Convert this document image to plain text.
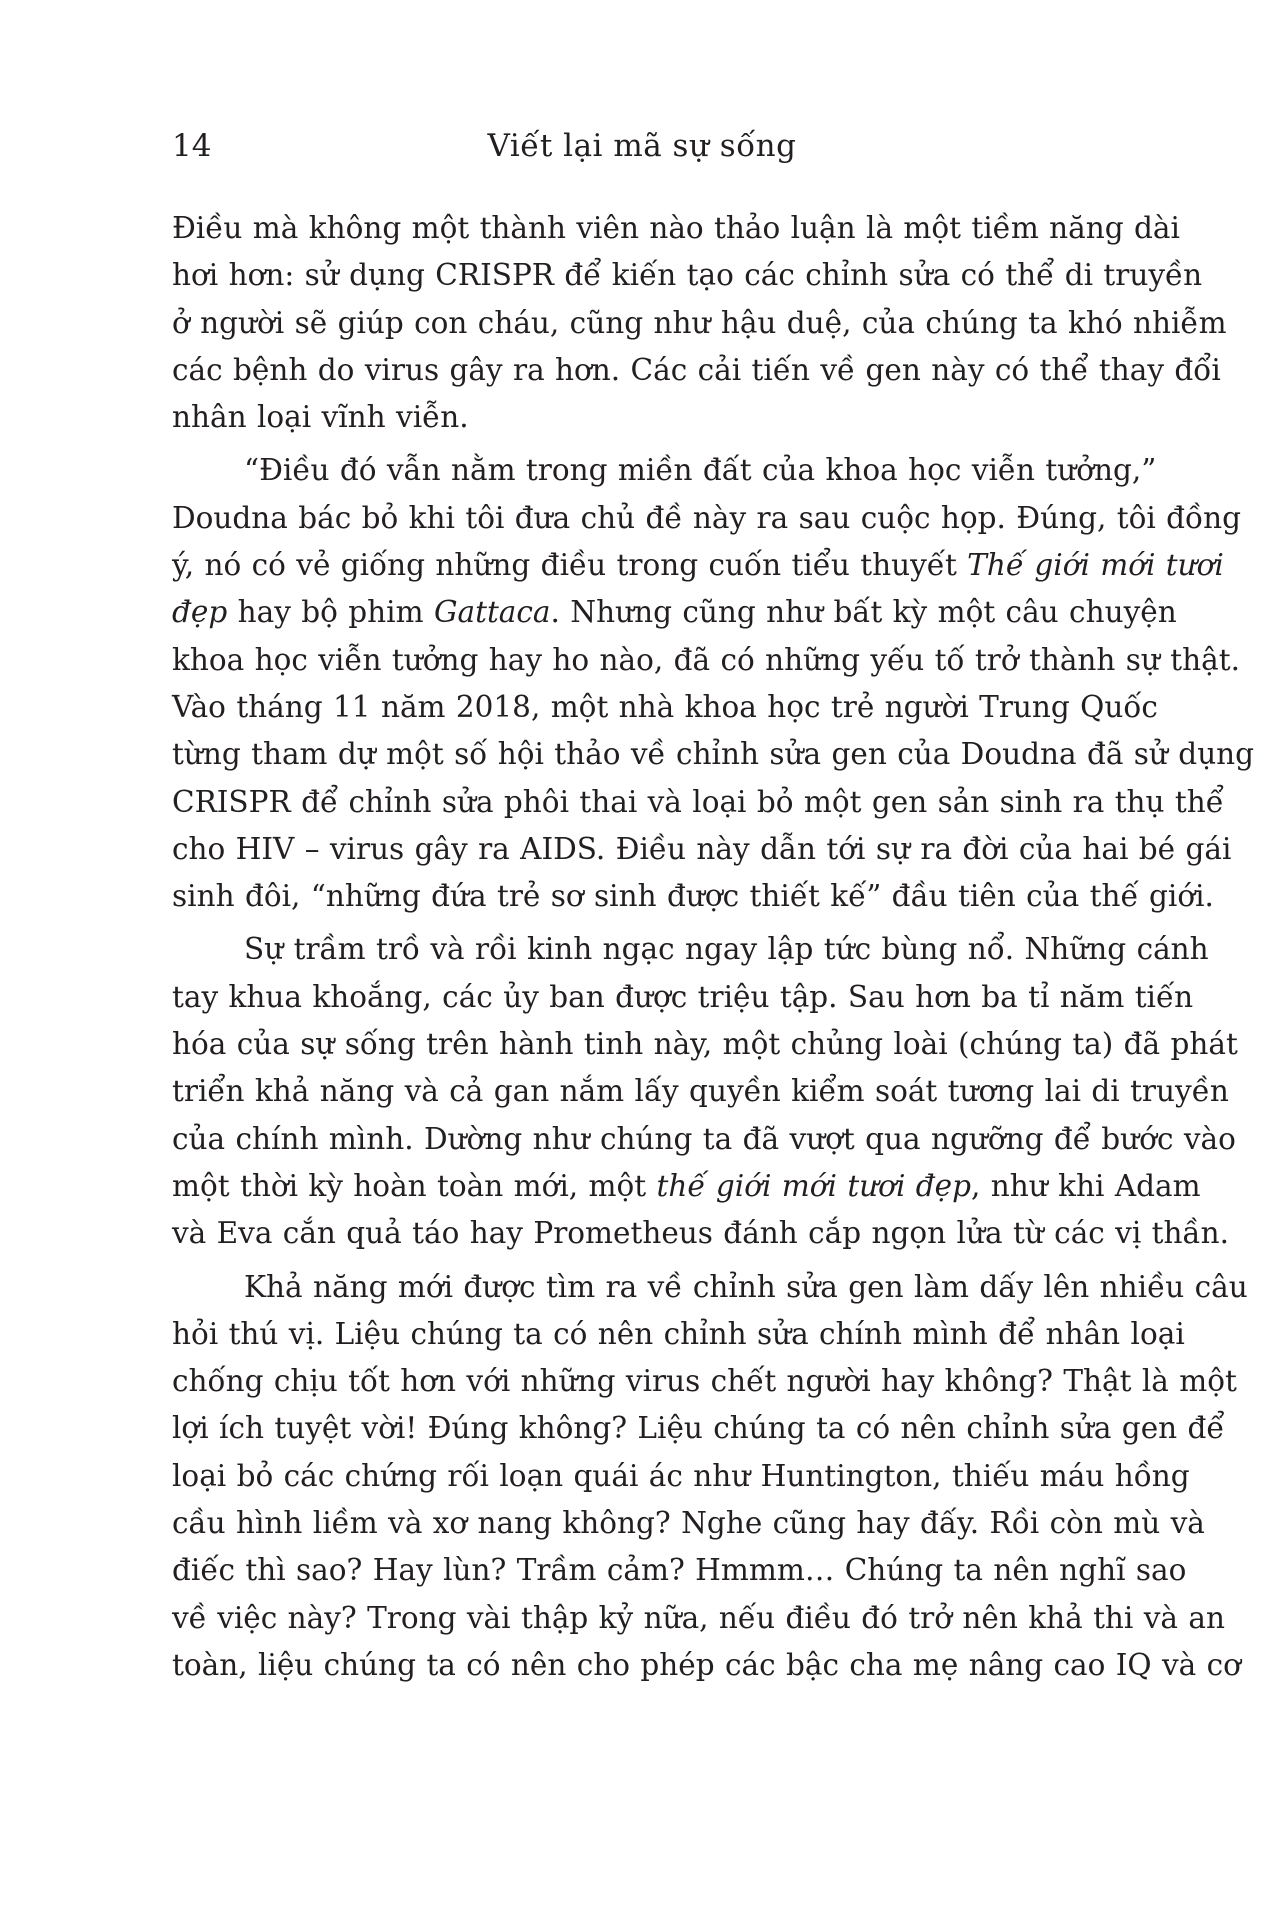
14	Viết lại mã sự sống
Điều mà không một thành viên nào thảo luận là một tiềm năng dài
hơi hơn: sử dụng CRISPR để kiến tạo các chỉnh sửa có thể di truyền
ở người sẽ giúp con cháu, cũng như hậu duệ, của chúng ta khó nhiễm
các bệnh do virus gây ra hơn. Các cải tiến về gen này có thể thay đổi
nhân loại vĩnh viễn.
“Điều đó vẫn nằm trong miền đất của khoa học viễn tưởng,”
Doudna bác bỏ khi tôi đưa chủ đề này ra sau cuộc họp. Đúng, tôi đồng
ý, nó có vẻ giống những điều trong cuốn tiểu thuyết Thế giới mới tươi
đẹp hay bộ phim Gattaca. Nhưng cũng như bất kỳ một câu chuyện
khoa học viễn tưởng hay ho nào, đã có những yếu tố trở thành sự thật.
Vào tháng 11 năm 2018, một nhà khoa học trẻ người Trung Quốc
từng tham dự một số hội thảo về chỉnh sửa gen của Doudna đã sử dụng
CRISPR để chỉnh sửa phôi thai và loại bỏ một gen sản sinh ra thụ thể
cho HIV – virus gây ra AIDS. Điều này dẫn tới sự ra đời của hai bé gái
sinh đôi, “những đứa trẻ sơ sinh được thiết kế” đầu tiên của thế giới.
Sự trầm trồ và rồi kinh ngạc ngay lập tức bùng nổ. Những cánh
tay khua khoắng, các ủy ban được triệu tập. Sau hơn ba tỉ năm tiến
hóa của sự sống trên hành tinh này, một chủng loài (chúng ta) đã phát
triển khả năng và cả gan nắm lấy quyền kiểm soát tương lai di truyền
của chính mình. Dường như chúng ta đã vượt qua ngưỡng để bước vào
một thời kỳ hoàn toàn mới, một thế giới mới tươi đẹp, như khi Adam
và Eva cắn quả táo hay Prometheus đánh cắp ngọn lửa từ các vị thần.
Khả năng mới được tìm ra về chỉnh sửa gen làm dấy lên nhiều câu
hỏi thú vị. Liệu chúng ta có nên chỉnh sửa chính mình để nhân loại
chống chịu tốt hơn với những virus chết người hay không? Thật là một
lợi ích tuyệt vời! Đúng không? Liệu chúng ta có nên chỉnh sửa gen để
loại bỏ các chứng rối loạn quái ác như Huntington, thiếu máu hồng
cầu hình liềm và xơ nang không? Nghe cũng hay đấy. Rồi còn mù và
điếc thì sao? Hay lùn? Trầm cảm? Hmmm… Chúng ta nên nghĩ sao
về việc này? Trong vài thập kỷ nữa, nếu điều đó trở nên khả thi và an
toàn, liệu chúng ta có nên cho phép các bậc cha mẹ nâng cao IQ và cơ
